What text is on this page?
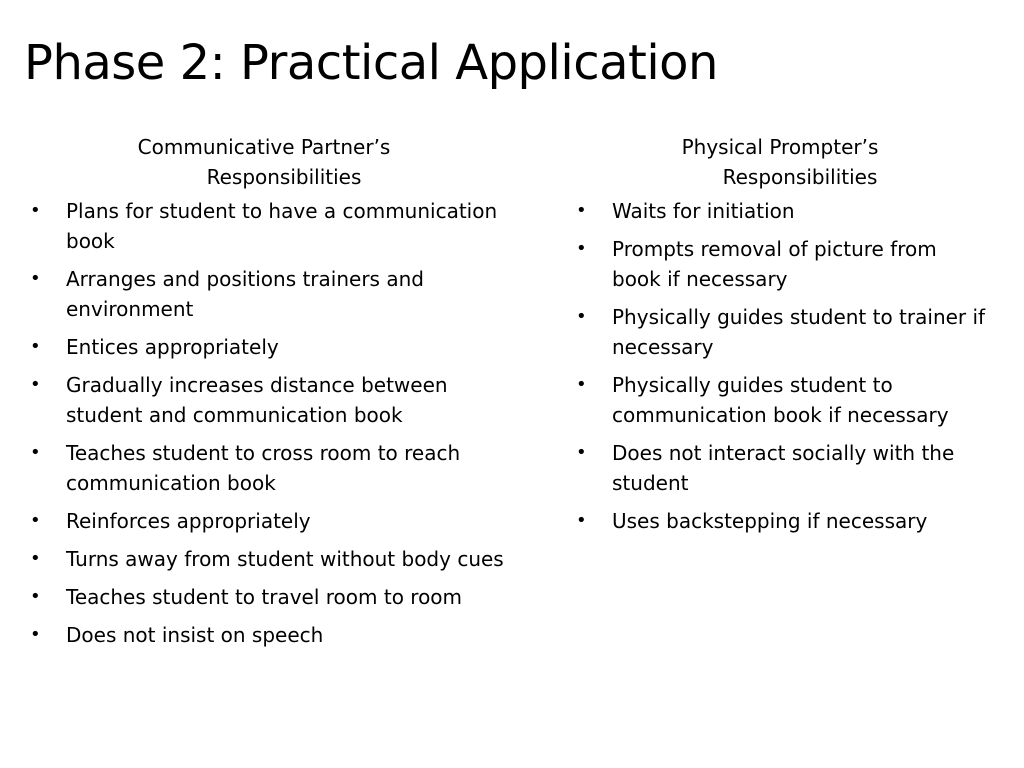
Phase 2: Practical Application
Communicative Partner’s
Responsibilities
• Plans for student to have a communication book
• Arranges and positions trainers and environment
• Entices appropriately
• Gradually increases distance between student and communication book
• Teaches student to cross room to reach communication book
• Reinforces appropriately
• Turns away from student without body cues
• Teaches student to travel room to room
• Does not insist on speech
Physical Prompter’s
Responsibilities
• Waits for initiation
• Prompts removal of picture from book if necessary
• Physically guides student to trainer if necessary
• Physically guides student to communication book if necessary
• Does not interact socially with the student
• Uses backstepping if necessary
